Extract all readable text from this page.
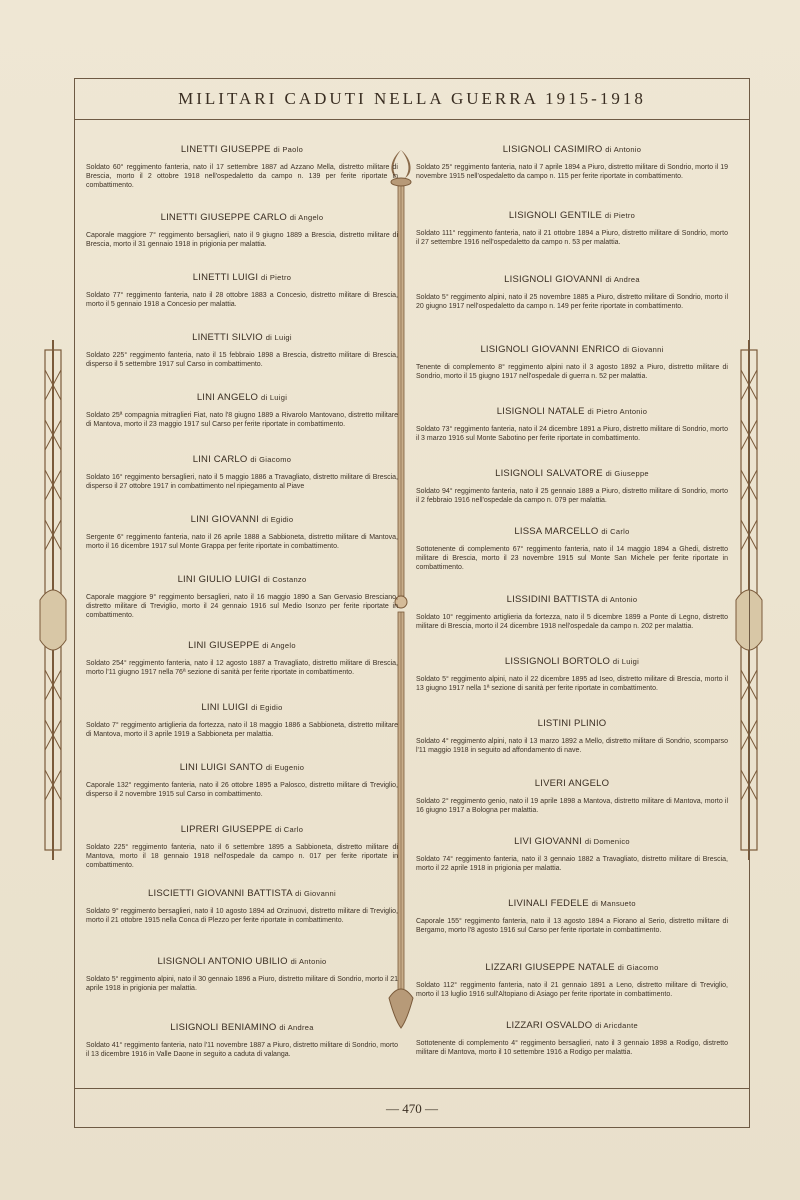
MILITARI CADUTI NELLA GUERRA 1915-1918
LINETTI GIUSEPPE di Paolo
Soldato 60° reggimento fanteria, nato il 17 settembre 1887 ad Azzano Mella, distretto militare di Brescia, morto il 2 ottobre 1918 nell'ospedaletto da campo n. 139 per ferite riportate in combattimento.
LINETTI GIUSEPPE CARLO di Angelo
Caporale maggiore 7° reggimento bersaglieri, nato il 9 giugno 1889 a Brescia, distretto militare di Brescia, morto il 31 gennaio 1918 in prigionia per malattia.
LINETTI LUIGI di Pietro
Soldato 77° reggimento fanteria, nato il 28 ottobre 1883 a Concesio, distretto militare di Brescia, morto il 5 gennaio 1918 a Concesio per malattia.
LINETTI SILVIO di Luigi
Soldato 225° reggimento fanteria, nato il 15 febbraio 1898 a Brescia, distretto militare di Brescia, disperso il 5 settembre 1917 sul Carso in combattimento.
LINI ANGELO di Luigi
Soldato 25ª compagnia mitraglieri Fiat, nato l'8 giugno 1889 a Rivarolo Mantovano, distretto militare di Mantova, morto il 23 maggio 1917 sul Carso per ferite riportate in combattimento.
LINI CARLO di Giacomo
Soldato 16° reggimento bersaglieri, nato il 5 maggio 1886 a Travagliato, distretto militare di Brescia, disperso il 27 ottobre 1917 in combattimento nel ripiegamento al Piave
LINI GIOVANNI di Egidio
Sergente 6° reggimento fanteria, nato il 26 aprile 1888 a Sabbioneta, distretto militare di Mantova, morto il 16 dicembre 1917 sul Monte Grappa per ferite riportate in combattimento.
LINI GIULIO LUIGI di Costanzo
Caporale maggiore 9° reggimento bersaglieri, nato il 16 maggio 1890 a San Gervasio Bresciano, distretto militare di Treviglio, morto il 24 gennaio 1916 sul Medio Isonzo per ferite riportate in combattimento.
LINI GIUSEPPE di Angelo
Soldato 254° reggimento fanteria, nato il 12 agosto 1887 a Travagliato, distretto militare di Brescia, morto l'11 giugno 1917 nella 76ª sezione di sanità per ferite riportate in combattimento.
LINI LUIGI di Egidio
Soldato 7° reggimento artiglieria da fortezza, nato il 18 maggio 1886 a Sabbioneta, distretto militare di Mantova, morto il 3 aprile 1919 a Sabbioneta per malattia.
LINI LUIGI SANTO di Eugenio
Caporale 132° reggimento fanteria, nato il 26 ottobre 1895 a Palosco, distretto militare di Treviglio, disperso il 2 novembre 1915 sul Carso in combattimento.
LIPRERI GIUSEPPE di Carlo
Soldato 225° reggimento fanteria, nato il 6 settembre 1895 a Sabbioneta, distretto militare di Mantova, morto il 18 gennaio 1918 nell'ospedale da campo n. 017 per ferite riportate in combattimento.
LISCIETTI GIOVANNI BATTISTA di Giovanni
Soldato 9° reggimento bersaglieri, nato il 10 agosto 1894 ad Orzinuovi, distretto militare di Treviglio, morto il 21 ottobre 1915 nella Conca di Plezzo per ferite riportate in combattimento.
LISIGNOLI ANTONIO UBILIO di Antonio
Soldato 5° reggimento alpini, nato il 30 gennaio 1896 a Piuro, distretto militare di Sondrio, morto il 21 aprile 1918 in prigionia per malattia.
LISIGNOLI BENIAMINO di Andrea
Soldato 41° reggimento fanteria, nato l'11 novembre 1887 a Piuro, distretto militare di Sondrio, morto il 13 dicembre 1916 in Valle Daone in seguito a caduta di valanga.
LISIGNOLI CASIMIRO di Antonio
Soldato 25° reggimento fanteria, nato il 7 aprile 1894 a Piuro, distretto militare di Sondrio, morto il 19 novembre 1915 nell'ospedaletto da campo n. 115 per ferite riportate in combattimento.
LISIGNOLI GENTILE di Pietro
Soldato 111° reggimento fanteria, nato il 21 ottobre 1894 a Piuro, distretto militare di Sondrio, morto il 27 settembre 1916 nell'ospedaletto da campo n. 53 per malattia.
LISIGNOLI GIOVANNI di Andrea
Soldato 5° reggimento alpini, nato il 25 novembre 1885 a Piuro, distretto militare di Sondrio, morto il 20 giugno 1917 nell'ospedaletto da campo n. 149 per ferite riportate in combattimento.
LISIGNOLI GIOVANNI ENRICO di Giovanni
Tenente di complemento 8° reggimento alpini nato il 3 agosto 1892 a Piuro, distretto militare di Sondrio, morto il 15 giugno 1917 nell'ospedale di guerra n. 52 per malattia.
LISIGNOLI NATALE di Pietro Antonio
Soldato 73° reggimento fanteria, nato il 24 dicembre 1891 a Piuro, distretto militare di Sondrio, morto il 3 marzo 1916 sul Monte Sabotino per ferite riportate in combattimento.
LISIGNOLI SALVATORE di Giuseppe
Soldato 94° reggimento fanteria, nato il 25 gennaio 1889 a Piuro, distretto militare di Sondrio, morto il 2 febbraio 1916 nell'ospedale da campo n. 079 per malattia.
LISSA MARCELLO di Carlo
Sottotenente di complemento 67° reggimento fanteria, nato il 14 maggio 1894 a Ghedi, distretto militare di Brescia, morto il 23 novembre 1915 sul Monte San Michele per ferite riportate in combattimento.
LISSIDINI BATTISTA di Antonio
Soldato 10° reggimento artiglieria da fortezza, nato il 5 dicembre 1899 a Ponte di Legno, distretto militare di Brescia, morto il 24 dicembre 1918 nell'ospedale da campo n. 202 per malattia.
LISSIGNOLI BORTOLO di Luigi
Soldato 5° reggimento alpini, nato il 22 dicembre 1895 ad Iseo, distretto militare di Brescia, morto il 13 giugno 1917 nella 1ª sezione di sanità per ferite riportate in combattimento.
LISTINI PLINIO
Soldato 4° reggimento alpini, nato il 13 marzo 1892 a Mello, distretto militare di Sondrio, scomparso l'11 maggio 1918 in seguito ad affondamento di nave.
LIVERI ANGELO
Soldato 2° reggimento genio, nato il 19 aprile 1898 a Mantova, distretto militare di Mantova, morto il 16 giugno 1917 a Bologna per malattia.
LIVI GIOVANNI di Domenico
Soldato 74° reggimento fanteria, nato il 3 gennaio 1882 a Travagliato, distretto militare di Brescia, morto il 22 aprile 1918 in prigionia per malattia.
LIVINALI FEDELE di Mansueto
Caporale 155° reggimento fanteria, nato il 13 agosto 1894 a Fiorano al Serio, distretto militare di Bergamo, morto l'8 agosto 1916 sul Carso per ferite riportate in combattimento.
LIZZARI GIUSEPPE NATALE di Giacomo
Soldato 112° reggimento fanteria, nato il 21 gennaio 1891 a Leno, distretto militare di Treviglio, morto il 13 luglio 1916 sull'Altopiano di Asiago per ferite riportate in combattimento.
LIZZARI OSVALDO di Aricdante
Sottotenente di complemento 4° reggimento bersaglieri, nato il 3 gennaio 1898 a Rodigo, distretto militare di Mantova, morto il 10 settembre 1916 a Rodigo per malattia.
— 470 —
